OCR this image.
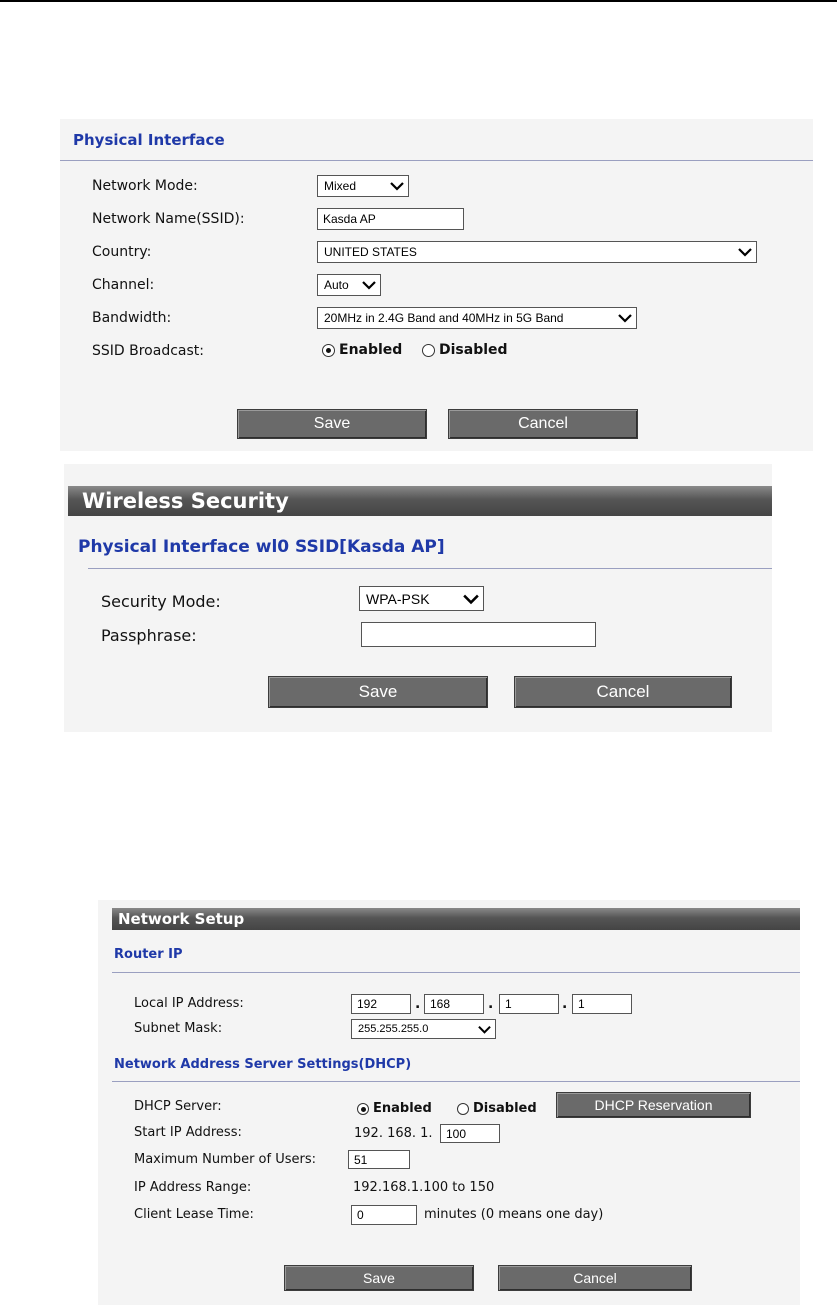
Physical Interface
Network Mode:	Mixed
Network Name(SSID):	Kasda AP
Country:	UNITED STATES
Channel:	Auto
Bandwidth:	20MHz in 2.4G Band and 40MHz in 5G Band
SSID Broadcast:	Enabled	Disabled
Save	Cancel
Wireless Security
Physical Interface wl0 SSID[Kasda AP]
Security Mode:	WPA-PSK
Passphrase:
Save	Cancel
Network Setup
Router IP
Local IP Address:	192	. 168	. 1	. 1
Subnet Mask:	255.255.255.0
Network Address Server Settings(DHCP)
DHCP Server:	Enabled	Disabled	DHCP Reservation
Start IP Address:	192. 168. 1.	100
Maximum Number of Users:	51
IP Address Range:	192.168.1.100 to 150
Client Lease Time:	0	minutes (0 means one day)
Save	Cancel
